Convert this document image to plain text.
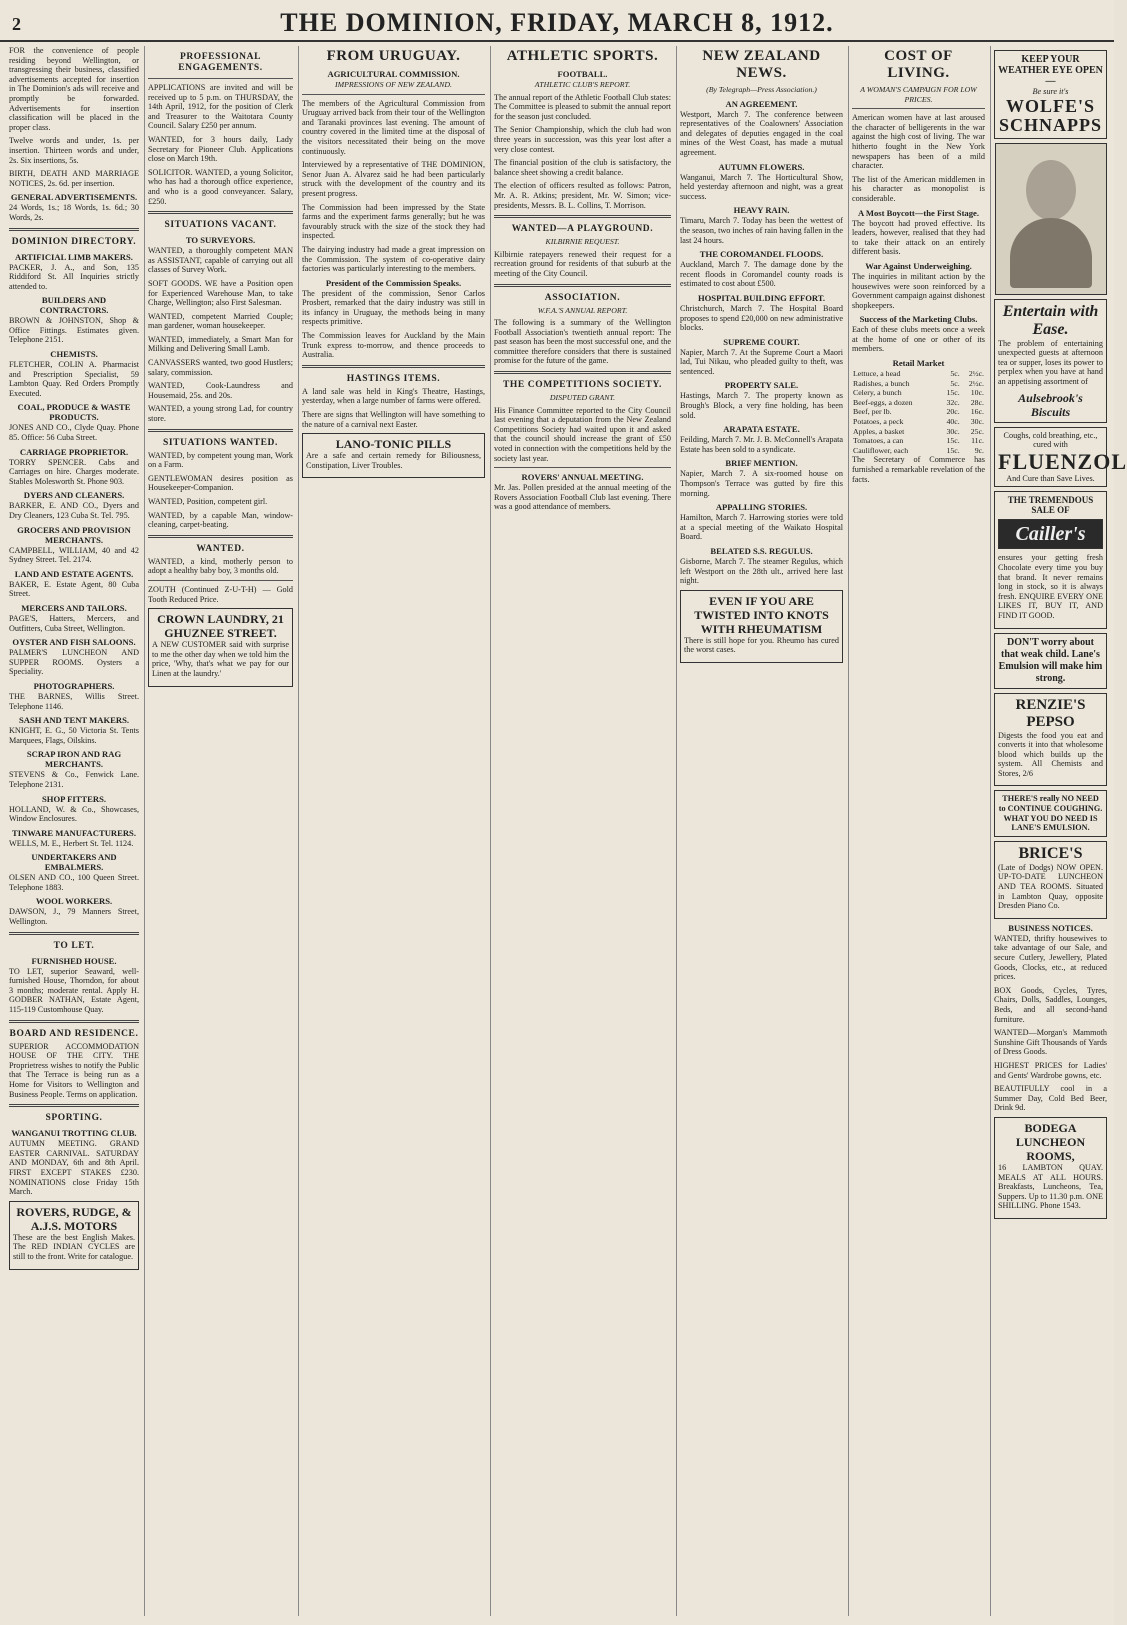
2	THE DOMINION, FRIDAY, MARCH 8, 1912.

FOR the convenience of people residing beyond Wellington, or transgressing their business, classified advertisements accepted for insertion in The Dominion's ads will receive and promptly be forwarded. Advertisements for insertion classification will be placed in the proper class.

Twelve words and under, 1s. per insertion. Thirteen words and under, 2s. Six insertions, 5s.

BIRTH, DEATH AND MARRIAGE NOTICES, 2s. 6d. per insertion.

GENERAL ADVERTISEMENTS.

24 Words, 1s.; 18 Words, 1s. 6d.; 30 Words, 2s.

DOMINION DIRECTORY.
ARTIFICIAL LIMB MAKERS.

PACKER, J. A., and Son, 135 Riddiford St. All Inquiries strictly attended to.

BUILDERS AND CONTRACTORS.

BROWN & JOHNSTON, Shop & Office Fittings. Estimates given. Telephone 2151.

CHEMISTS.

FLETCHER, COLIN A. Pharmacist and Prescription Specialist, 59 Lambton Quay. Red Orders Promptly Executed.

COAL, PRODUCE & WASTE PRODUCTS.

JONES AND CO., Clyde Quay. Phone 85. Office: 56 Cuba Street.

CARRIAGE PROPRIETOR.

TORRY SPENCER. Cabs and Carriages on hire. Charges moderate. Stables Molesworth St. Phone 903.

DYERS AND CLEANERS.

BARKER, E. AND CO., Dyers and Dry Cleaners, 123 Cuba St. Tel. 795.

GROCERS AND PROVISION MERCHANTS.

CAMPBELL, WILLIAM, 40 and 42 Sydney Street. Tel. 2174.

LAND AND ESTATE AGENTS.

BAKER, E. Estate Agent, 80 Cuba Street.

MERCERS AND TAILORS.

PAGE'S, Hatters, Mercers, and Outfitters, Cuba Street, Wellington.

OYSTER AND FISH SALOONS.

PALMER'S LUNCHEON AND SUPPER ROOMS. Oysters a Speciality.

PHOTOGRAPHERS.

THE BARNES, Willis Street. Telephone 1146.

SASH AND TENT MAKERS.

KNIGHT, E. G., 50 Victoria St. Tents Marquees, Flags, Oilskins.

SCRAP IRON AND RAG MERCHANTS.

STEVENS & Co., Fenwick Lane. Telephone 2131.

SHOP FITTERS.

HOLLAND, W. & Co., Showcases, Window Enclosures.

TINWARE MANUFACTURERS.

WELLS, M. E., Herbert St. Tel. 1124.

UNDERTAKERS AND EMBALMERS.

OLSEN AND CO., 100 Queen Street. Telephone 1883.

WOOL WORKERS.

DAWSON, J., 79 Manners Street, Wellington.

TO LET.
FURNISHED HOUSE.

TO LET, superior Seaward, well-furnished House, Thorndon, for about 3 months; moderate rental. Apply H. GODBER NATHAN, Estate Agent, 115-119 Customhouse Quay.

BOARD AND RESIDENCE.

SUPERIOR ACCOMMODATION HOUSE OF THE CITY. THE Proprietress wishes to notify the Public that The Terrace is being run as a Home for Visitors to Wellington and Business People. Terms on application.

SPORTING.
WANGANUI TROTTING CLUB.

AUTUMN MEETING. GRAND EASTER CARNIVAL. SATURDAY AND MONDAY, 6th and 8th April. FIRST EXCEPT STAKES £230. NOMINATIONS close Friday 15th March.

ROVERS, RUDGE, & A.J.S. MOTORS

These are the best English Makes. The RED INDIAN CYCLES are still to the front. Write for catalogue.

PROFESSIONAL ENGAGEMENTS.

APPLICATIONS are invited and will be received up to 5 p.m. on THURSDAY, the 14th April, 1912, for the position of Clerk and Treasurer to the Waitotara County Council. Salary £250 per annum.

WANTED, for 3 hours daily, Lady Secretary for Pioneer Club. Applications close on March 19th.

SOLICITOR. WANTED, a young Solicitor, who has had a thorough office experience, and who is a good conveyancer. Salary, £250.

SITUATIONS VACANT.
TO SURVEYORS.

WANTED, a thoroughly competent MAN as ASSISTANT, capable of carrying out all classes of Survey Work.

SOFT GOODS. WE have a Position open for Experienced Warehouse Man, to take Charge, Wellington; also First Salesman.

WANTED, competent Married Couple; man gardener, woman housekeeper.

WANTED, immediately, a Smart Man for Milking and Delivering Small Lamb.

CANVASSERS wanted, two good Hustlers; salary, commission.

WANTED, Cook-Laundress and Housemaid, 25s. and 20s.

WANTED, a young strong Lad, for country store.

SITUATIONS WANTED.

WANTED, by competent young man, Work on a Farm.

GENTLEWOMAN desires position as Housekeeper-Companion.

WANTED, Position, competent girl.

WANTED, by a capable Man, window-cleaning, carpet-beating.

WANTED.

WANTED, a kind, motherly person to adopt a healthy baby boy, 3 months old.

ZOUTH (Continued Z-U-T-H) — Gold Tooth Reduced Price.

CROWN LAUNDRY, 21 GHUZNEE STREET.

A NEW CUSTOMER said with surprise to me the other day when we told him the price, 'Why, that's what we pay for our Linen at the laundry.'

FROM URUGUAY.
AGRICULTURAL COMMISSION.
IMPRESSIONS OF NEW ZEALAND.

The members of the Agricultural Commission from Uruguay arrived back from their tour of the Wellington and Taranaki provinces last evening. The amount of country covered in the limited time at the disposal of the visitors necessitated their being on the move continuously.

Interviewed by a representative of THE DOMINION, Senor Juan A. Alvarez said he had been particularly struck with the development of the country and its present progress.

The Commission had been impressed by the State farms and the experiment farms generally; but he was favourably struck with the size of the stock they had inspected.

The dairying industry had made a great impression on the Commission. The system of co-operative dairy factories was particularly interesting to the members.

President of the Commission Speaks.

The president of the commission, Senor Carlos Prosbert, remarked that the dairy industry was still in its infancy in Uruguay, the methods being in many respects primitive.

The Commission leaves for Auckland by the Main Trunk express to-morrow, and thence proceeds to Australia.

HASTINGS ITEMS.

A land sale was held in King's Theatre, Hastings, yesterday, when a large number of farms were offered.

There are signs that Wellington will have something to the nature of a carnival next Easter.

LANO-TONIC PILLS

Are a safe and certain remedy for Biliousness, Constipation, Liver Troubles.

ATHLETIC SPORTS.
FOOTBALL.
ATHLETIC CLUB'S REPORT.

The annual report of the Athletic Football Club states: The Committee is pleased to submit the annual report for the season just concluded.

The Senior Championship, which the club had won three years in succession, was this year lost after a very close contest.

The financial position of the club is satisfactory, the balance sheet showing a credit balance.

The election of officers resulted as follows: Patron, Mr. A. R. Atkins; president, Mr. W. Simon; vice-presidents, Messrs. B. L. Collins, T. Morrison.

WANTED—A PLAYGROUND.
KILBIRNIE REQUEST.

Kilbirnie ratepayers renewed their request for a recreation ground for residents of that suburb at the meeting of the City Council.

ASSOCIATION.
W.F.A.'S ANNUAL REPORT.

The following is a summary of the Wellington Football Association's twentieth annual report: The past season has been the most successful one, and the committee therefore considers that there is sustained promise for the future of the game.

THE COMPETITIONS SOCIETY.
DISPUTED GRANT.

His Finance Committee reported to the City Council last evening that a deputation from the New Zealand Competitions Society had waited upon it and asked that the council should increase the grant of £50 voted in connection with the competitions held by the society last year.

ROVERS' ANNUAL MEETING.

Mr. Jas. Pollen presided at the annual meeting of the Rovers Association Football Club last evening. There was a good attendance of members.

NEW ZEALAND NEWS.
(By Telegraph—Press Association.)
AN AGREEMENT.

Westport, March 7. The conference between representatives of the Coalowners' Association and delegates of deputies engaged in the coal mines of the West Coast, has made a mutual agreement.

AUTUMN FLOWERS.

Wanganui, March 7. The Horticultural Show, held yesterday afternoon and night, was a great success.

HEAVY RAIN.

Timaru, March 7. Today has been the wettest of the season, two inches of rain having fallen in the last 24 hours.

THE COROMANDEL FLOODS.

Auckland, March 7. The damage done by the recent floods in Coromandel county roads is estimated to cost about £500.

HOSPITAL BUILDING EFFORT.

Christchurch, March 7. The Hospital Board proposes to spend £20,000 on new administrative blocks.

SUPREME COURT.

Napier, March 7. At the Supreme Court a Maori lad, Tui Nikau, who pleaded guilty to theft, was sentenced.

PROPERTY SALE.

Hastings, March 7. The property known as Brough's Block, a very fine holding, has been sold.

ARAPATA ESTATE.

Feilding, March 7. Mr. J. B. McConnell's Arapata Estate has been sold to a syndicate.

BRIEF MENTION.

Napier, March 7. A six-roomed house on Thompson's Terrace was gutted by fire this morning.

APPALLING STORIES.

Hamilton, March 7. Harrowing stories were told at a special meeting of the Waikato Hospital Board.

BELATED S.S. REGULUS.

Gisborne, March 7. The steamer Regulus, which left Westport on the 28th ult., arrived here last night.

EVEN IF YOU ARE TWISTED INTO KNOTS WITH RHEUMATISM

There is still hope for you. Rheumo has cured the worst cases.

COST OF LIVING.
A WOMAN'S CAMPAIGN FOR LOW PRICES.

American women have at last aroused the character of belligerents in the war against the high cost of living. The war hitherto fought in the New York newspapers has been of a mild character.

The list of the American middlemen in his character as monopolist is considerable.

A Most Boycott—the First Stage.

The boycott had proved effective. Its leaders, however, realised that they had to take their attack on an entirely different basis.

War Against Underweighing.

The inquiries in militant action by the housewives were soon reinforced by a Government campaign against dishonest shopkeepers.

Success of the Marketing Clubs.

Each of these clubs meets once a week at the home of one or other of its members.

Retail Market
Lettuce, a head	5c.	2½c.
Radishes, a bunch	5c.	2½c.
Celery, a bunch	15c.	10c.
Beef-eggs, a dozen	32c.	28c.
Beef, per lb.	20c.	16c.
Potatoes, a peck	40c.	30c.
Apples, a basket	30c.	25c.
Tomatoes, a can	15c.	11c.
Cauliflower, each	15c.	9c.

The Secretary of Commerce has furnished a remarkable revelation of the facts.

KEEP YOUR WEATHER EYE OPEN—
Be sure it's
WOLFE'S SCHNAPPS
Entertain with Ease.

The problem of entertaining unexpected guests at afternoon tea or supper, loses its power to perplex when you have at hand an appetising assortment of

Aulsebrook's Biscuits
Coughs, cold breathing, etc., cured with
FLUENZOL
And Cure than Save Lives.
THE TREMENDOUS SALE OF
Cailler's

ensures your getting fresh Chocolate every time you buy that brand. It never remains long in stock, so it is always fresh. ENQUIRE EVERY ONE LIKES IT, BUY IT, AND FIND IT GOOD.

DON'T worry about that weak child. Lane's Emulsion will make him strong.
RENZIE'S PEPSO

Digests the food you eat and converts it into that wholesome blood which builds up the system. All Chemists and Stores, 2/6

THERE'S really NO NEED to CONTINUE COUGHING. WHAT YOU DO NEED IS LANE'S EMULSION.
BRICE'S

(Late of Dodgs) NOW OPEN. UP-TO-DATE LUNCHEON AND TEA ROOMS. Situated in Lambton Quay, opposite Dresden Piano Co.

BUSINESS NOTICES.

WANTED, thrifty housewives to take advantage of our Sale, and secure Cutlery, Jewellery, Plated Goods, Clocks, etc., at reduced prices.

BOX Goods, Cycles, Tyres, Chairs, Dolls, Saddles, Lounges, Beds, and all second-hand furniture.

WANTED—Morgan's Mammoth Sunshine Gift Thousands of Yards of Dress Goods.

HIGHEST PRICES for Ladies' and Gents' Wardrobe gowns, etc.

BEAUTIFULLY cool in a Summer Day, Cold Bed Beer, Drink 9d.

BODEGA LUNCHEON ROOMS,

16 LAMBTON QUAY. MEALS AT ALL HOURS. Breakfasts, Luncheons, Tea, Suppers. Up to 11.30 p.m. ONE SHILLING. Phone 1543.
